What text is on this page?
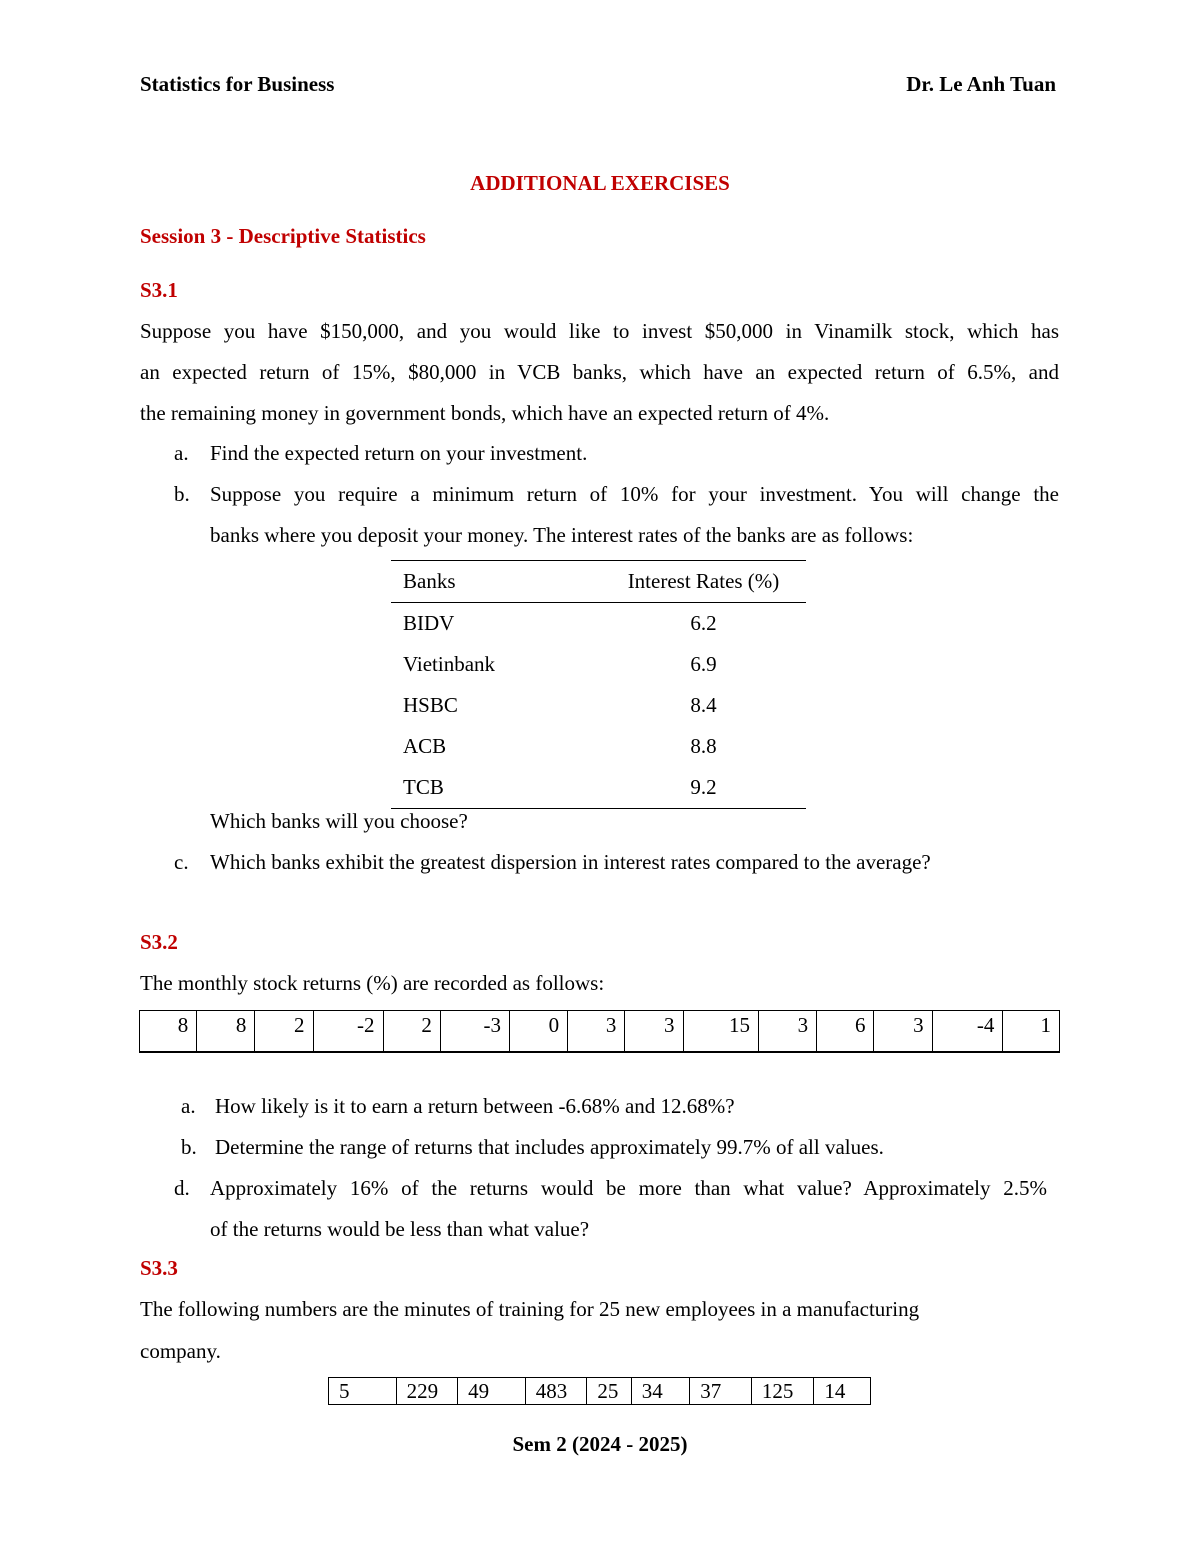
Statistics for Business	Dr. Le Anh Tuan
ADDITIONAL EXERCISES
Session 3 - Descriptive Statistics
S3.1
Suppose you have $150,000, and you would like to invest $50,000 in Vinamilk stock, which has
an expected return of 15%, $80,000 in VCB banks, which have an expected return of 6.5%, and
the remaining money in government bonds, which have an expected return of 4%.
a. Find the expected return on your investment.
b. Suppose you require a minimum return of 10% for your investment. You will change the
banks where you deposit your money. The interest rates of the banks are as follows:
Banks	Interest Rates (%)
BIDV	6.2
Vietinbank	6.9
HSBC	8.4
ACB	8.8
TCB	9.2
Which banks will you choose?
c. Which banks exhibit the greatest dispersion in interest rates compared to the average?
S3.2
The monthly stock returns (%) are recorded as follows:
8	8	2	-2	2	-3	0	3	3	15	3	6	3	-4	1
a. How likely is it to earn a return between -6.68% and 12.68%?
b. Determine the range of returns that includes approximately 99.7% of all values.
d. Approximately 16% of the returns would be more than what value? Approximately 2.5%
of the returns would be less than what value?
S3.3
The following numbers are the minutes of training for 25 new employees in a manufacturing
company.
5	229	49	483	25	34	37	125	14
Sem 2 (2024 - 2025)
